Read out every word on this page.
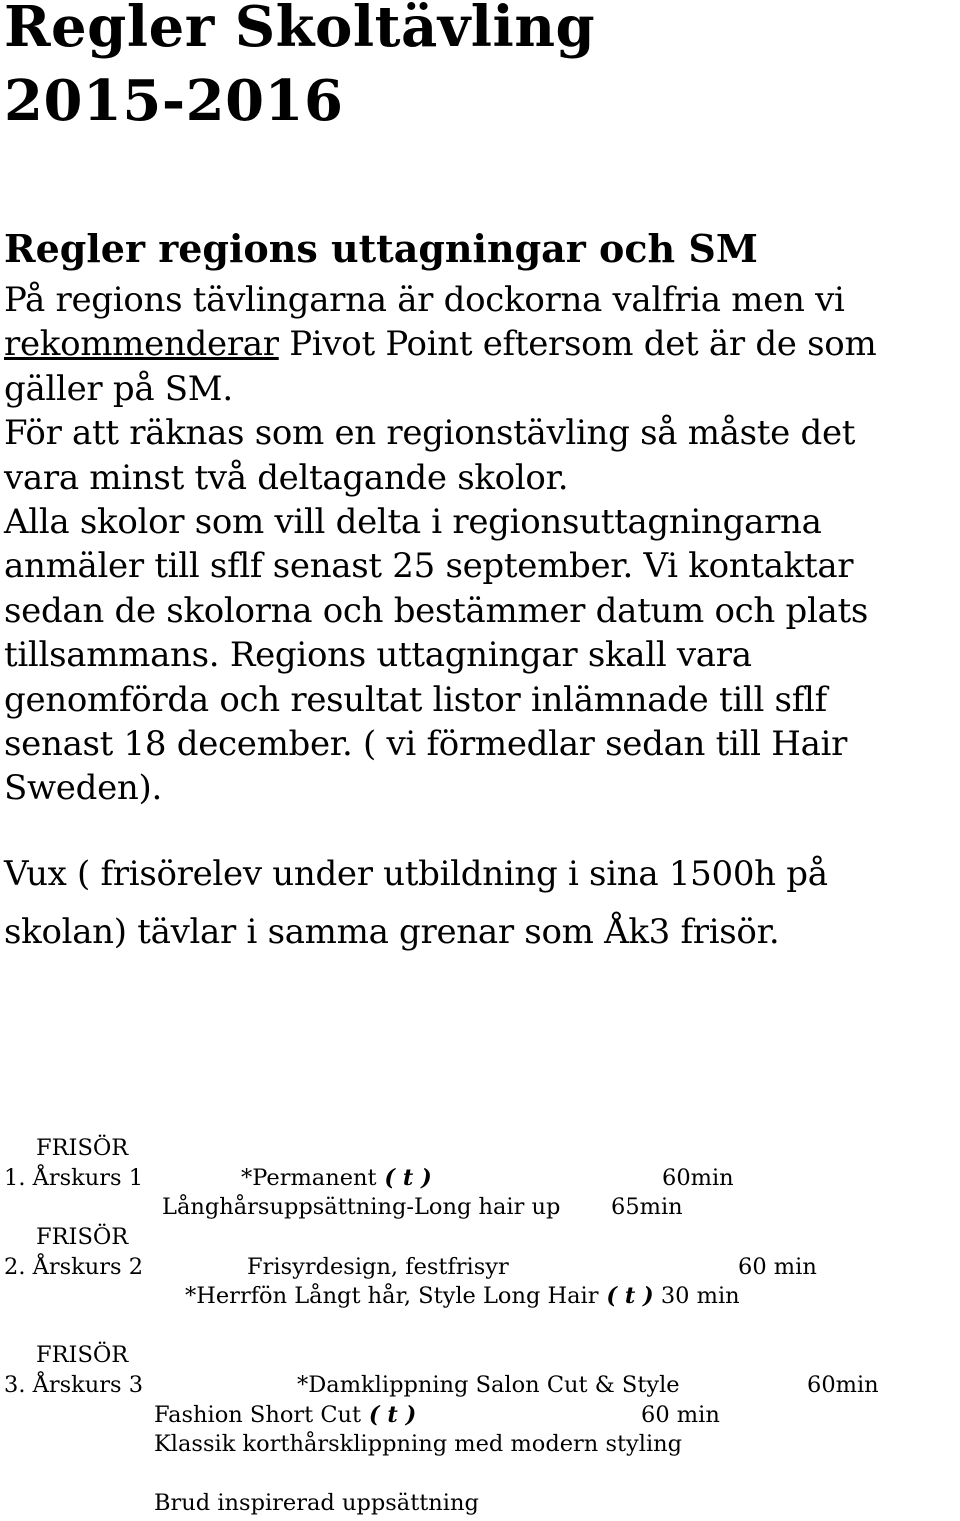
Regler Skoltävling
2015-2016
Regler regions uttagningar och SM
På regions tävlingarna är dockorna valfria men vi
rekommenderar Pivot Point eftersom det är de som
gäller på SM.
För att räknas som en regionstävling så måste det
vara minst två deltagande skolor.
Alla skolor som vill delta i regionsuttagningarna
anmäler till sflf senast 25 september. Vi kontaktar
sedan de skolorna och bestämmer datum och plats
tillsammans. Regions uttagningar skall vara
genomförda och resultat listor inlämnade till sflf
senast 18 december. ( vi förmedlar sedan till Hair
Sweden).
Vux ( frisörelev under utbildning i sina 1500h på
skolan) tävlar i samma grenar som Åk3 frisör.
FRISÖR
1. Årskurs 1	*Permanent ( t )	60min
Långhårsuppsättning-Long hair up 65min
FRISÖR
2. Årskurs 2	Frisyrdesign, festfrisyr	60 min
*Herrfön Långt hår, Style Long Hair ( t ) 30 min
FRISÖR
3. Årskurs 3	*Damklippning Salon Cut & Style	60min
Fashion Short Cut ( t )	60 min
Klassik korthårsklippning med modern styling
Brud inspirerad uppsättning
